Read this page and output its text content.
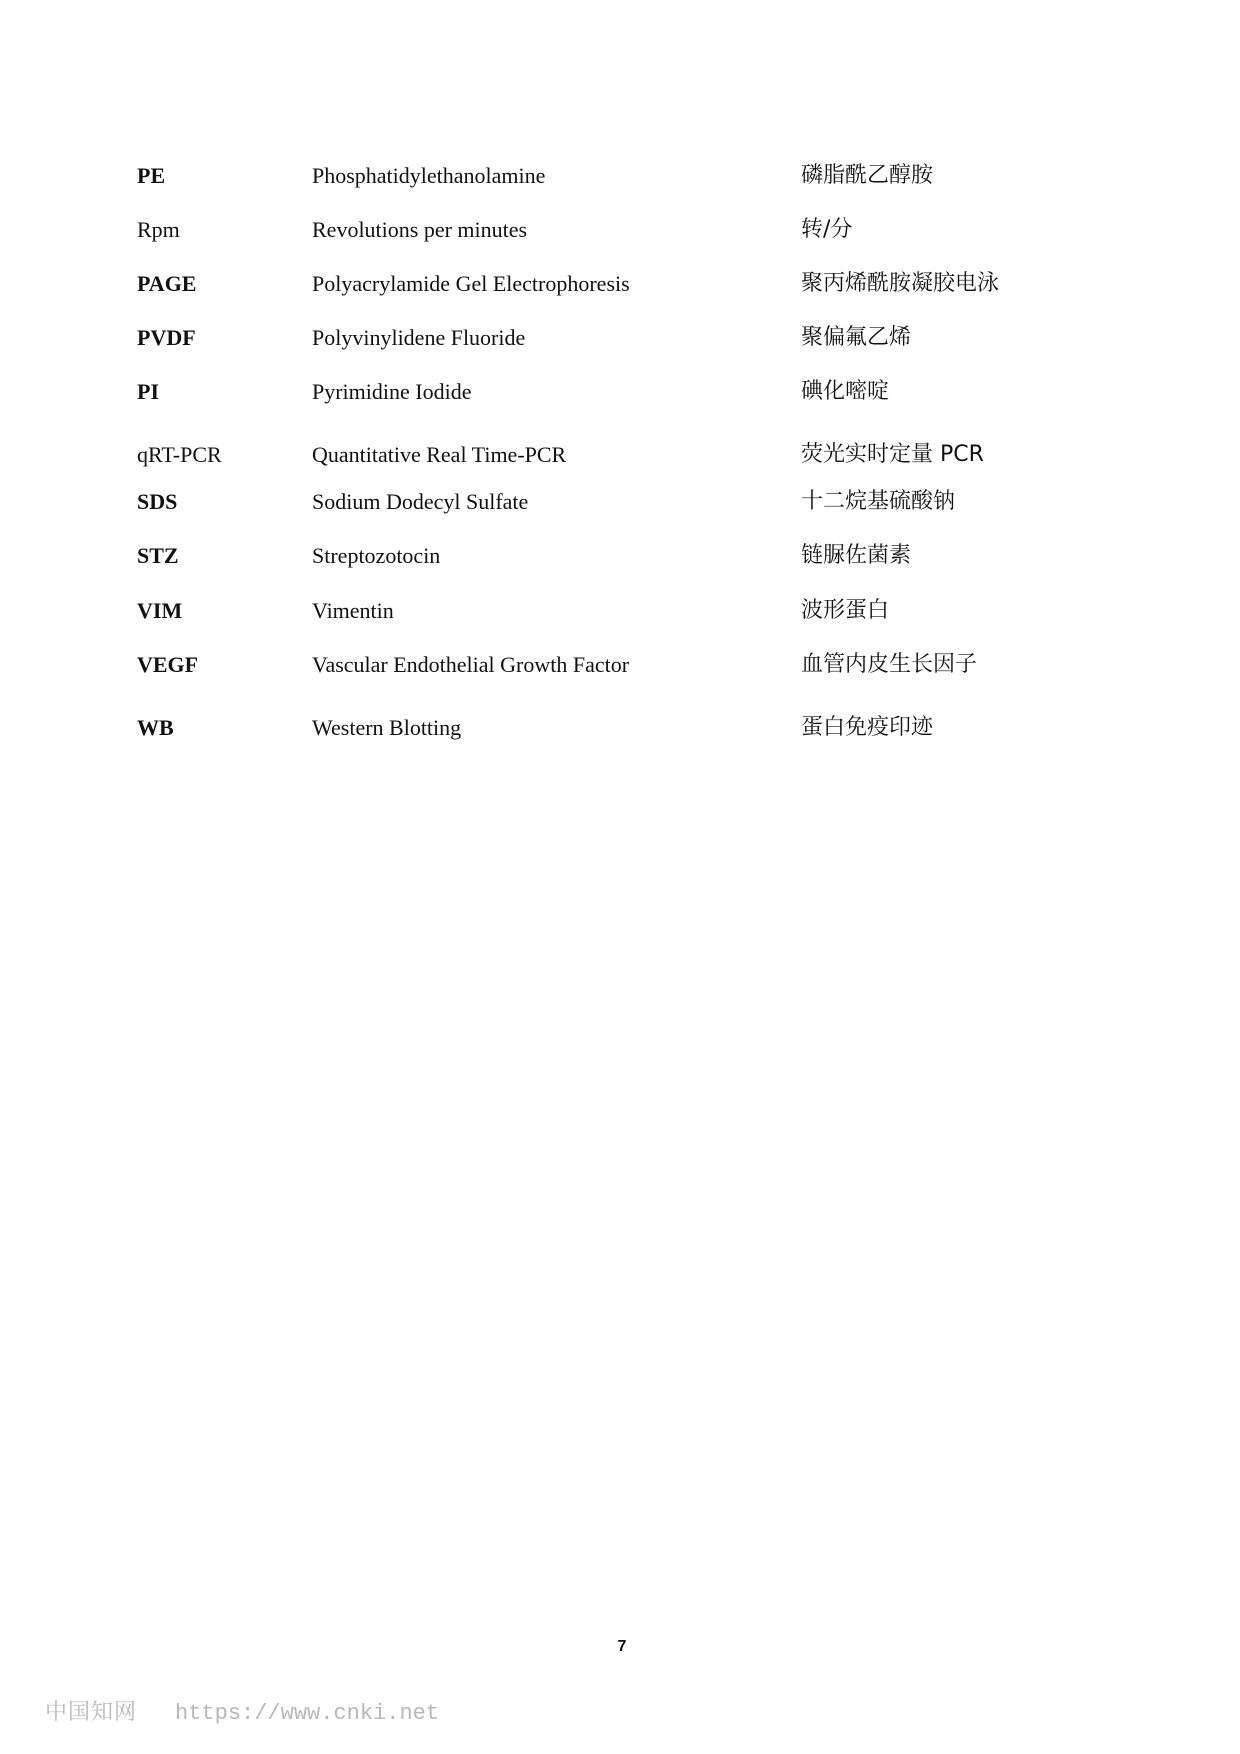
PE	Phosphatidylethanolamine	磷脂酰乙醇胺
Rpm	Revolutions per minutes	转/分
PAGE	Polyacrylamide Gel Electrophoresis	聚丙烯酰胺凝胶电泳
PVDF	Polyvinylidene Fluoride	聚偏氟乙烯
PI	Pyrimidine Iodide	碘化嘧啶
qRT-PCR	Quantitative Real Time-PCR	荧光实时定量 PCR
SDS	Sodium Dodecyl Sulfate	十二烷基硫酸钠
STZ	Streptozotocin	链脲佐菌素
VIM	Vimentin	波形蛋白
VEGF	Vascular Endothelial Growth Factor	血管内皮生长因子
WB	Western Blotting	蛋白免疫印迹
7
中国知网 https://www.cnki.net
